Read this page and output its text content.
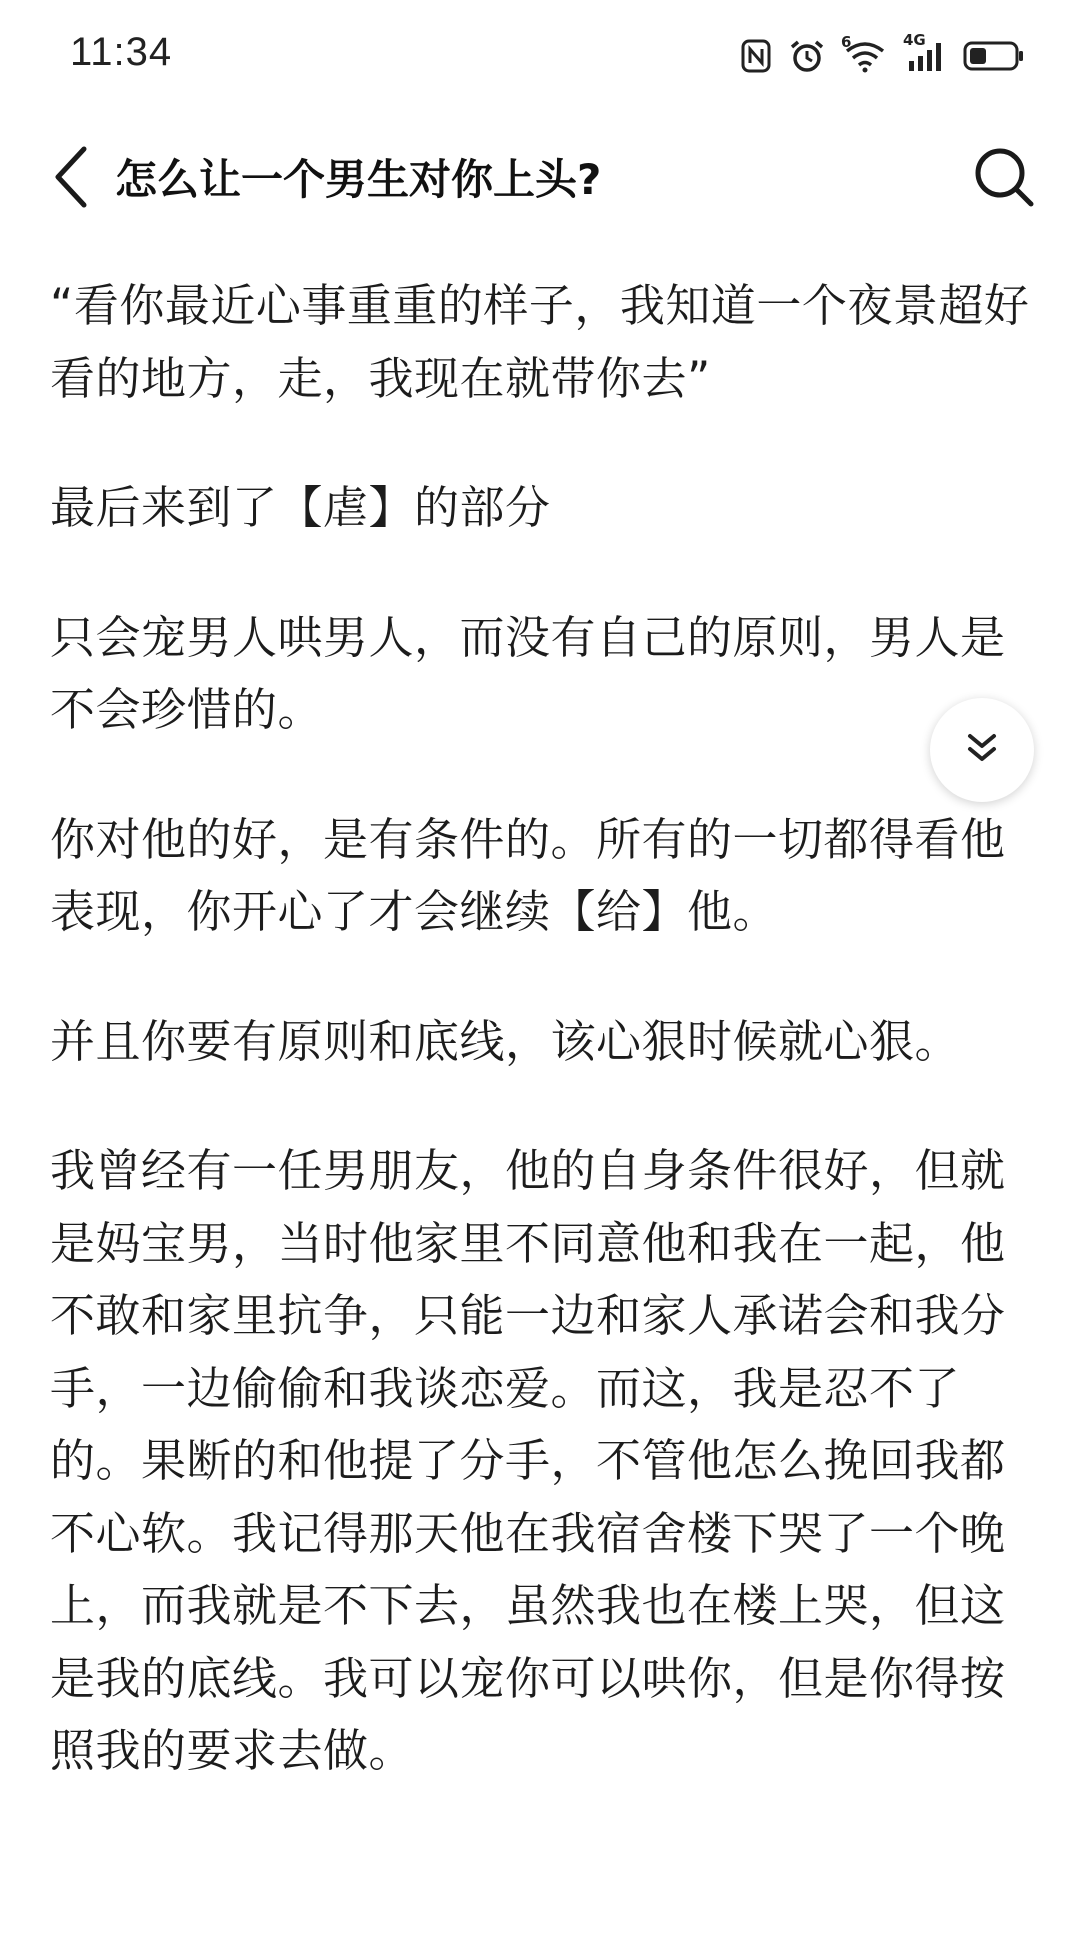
11:34	6	4G
怎么让一个男生对你上头?

“看你最近心事重重的样子，我知道一个夜景超好看的地方，走，我现在就带你去”

最后来到了【虐】的部分

只会宠男人哄男人，而没有自己的原则，男人是不会珍惜的。

你对他的好，是有条件的。所有的一切都得看他表现，你开心了才会继续【给】他。

并且你要有原则和底线，该心狠时候就心狠。

我曾经有一任男朋友，他的自身条件很好，但就是妈宝男，当时他家里不同意他和我在一起，他不敢和家里抗争，只能一边和家人承诺会和我分手，一边偷偷和我谈恋爱。而这，我是忍不了的。果断的和他提了分手，不管他怎么挽回我都不心软。我记得那天他在我宿舍楼下哭了一个晚上，而我就是不下去，虽然我也在楼上哭，但这是我的底线。我可以宠你可以哄你，但是你得按照我的要求去做。
